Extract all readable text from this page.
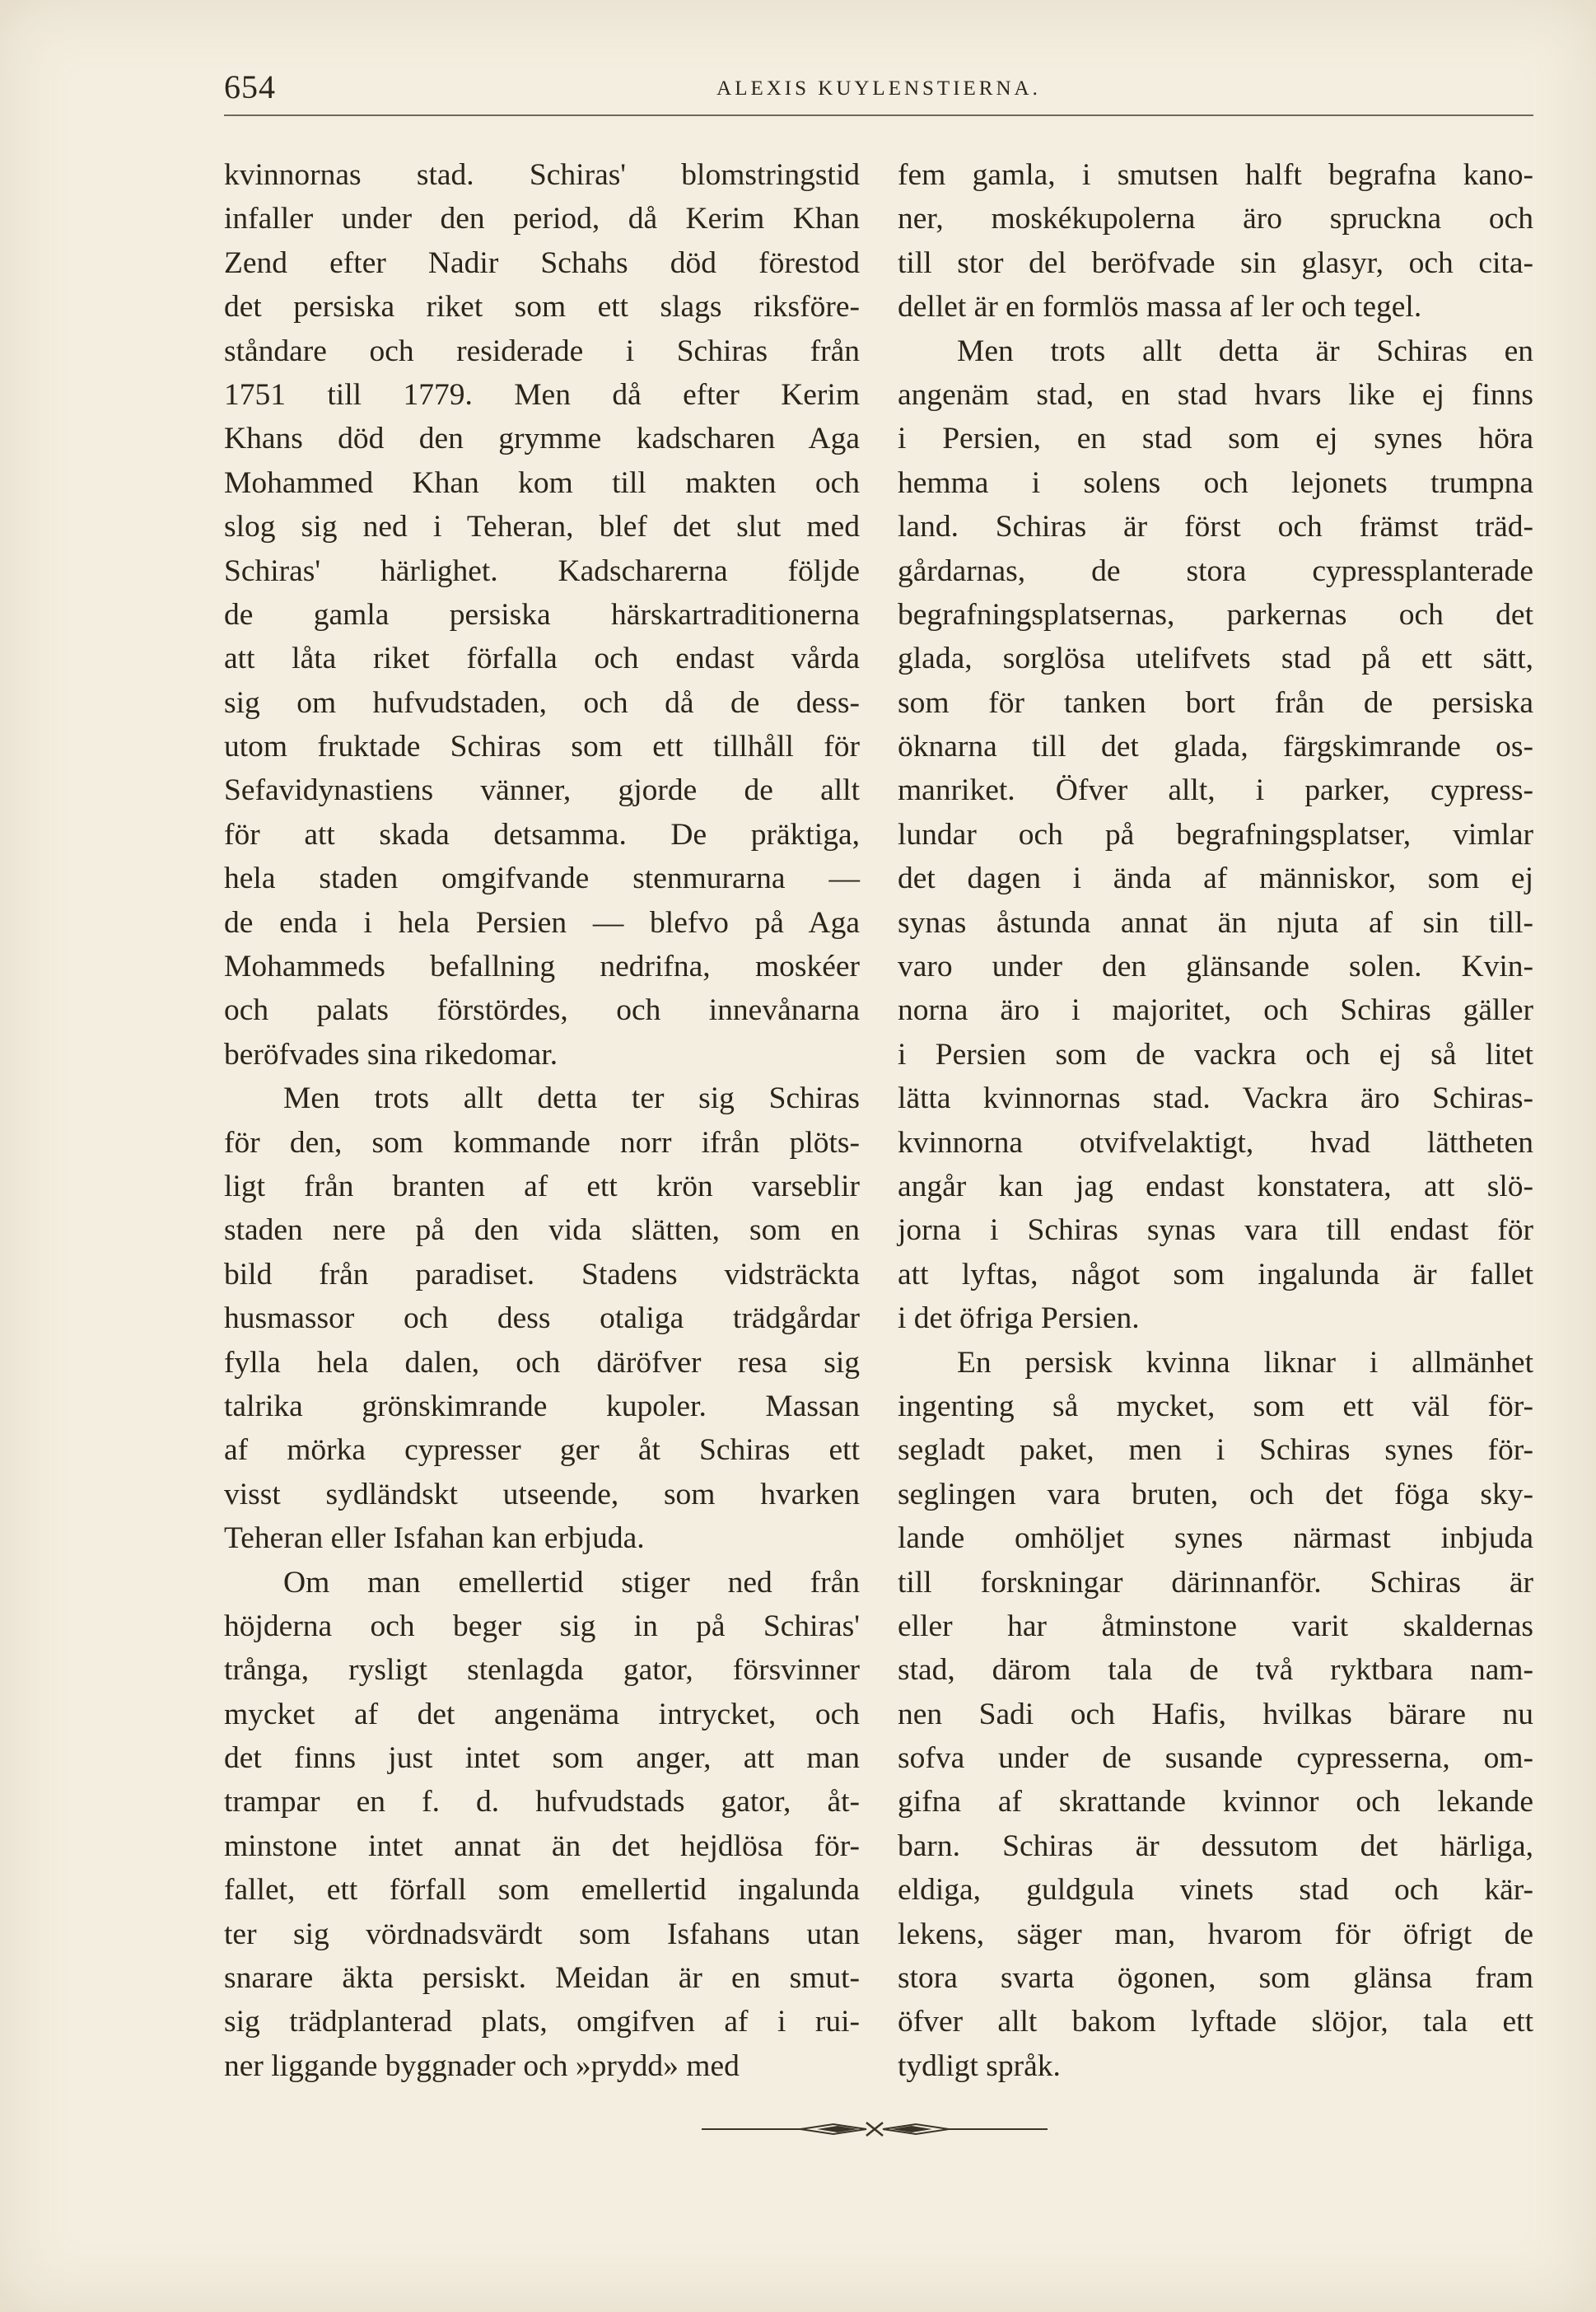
654	ALEXIS KUYLENSTIERNA.
kvinnornas stad. Schiras' blomstringstid
infaller under den period, då Kerim Khan
Zend efter Nadir Schahs död förestod
det persiska riket som ett slags riksföre-
ståndare och residerade i Schiras från
1751 till 1779. Men då efter Kerim
Khans död den grymme kadscharen Aga
Mohammed Khan kom till makten och
slog sig ned i Teheran, blef det slut med
Schiras' härlighet. Kadscharerna följde
de gamla persiska härskartraditionerna
att låta riket förfalla och endast vårda
sig om hufvudstaden, och då de dess-
utom fruktade Schiras som ett tillhåll för
Sefavidynastiens vänner, gjorde de allt
för att skada detsamma. De präktiga,
hela staden omgifvande stenmurarna —
de enda i hela Persien — blefvo på Aga
Mohammeds befallning nedrifna, moskéer
och palats förstördes, och innevånarna
beröfvades sina rikedomar.
Men trots allt detta ter sig Schiras
för den, som kommande norr ifrån plöts-
ligt från branten af ett krön varseblir
staden nere på den vida slätten, som en
bild från paradiset. Stadens vidsträckta
husmassor och dess otaliga trädgårdar
fylla hela dalen, och däröfver resa sig
talrika grönskimrande kupoler. Massan
af mörka cypresser ger åt Schiras ett
visst sydländskt utseende, som hvarken
Teheran eller Isfahan kan erbjuda.
Om man emellertid stiger ned från
höjderna och beger sig in på Schiras'
trånga, rysligt stenlagda gator, försvinner
mycket af det angenäma intrycket, och
det finns just intet som anger, att man
trampar en f. d. hufvudstads gator, åt-
minstone intet annat än det hejdlösa för-
fallet, ett förfall som emellertid ingalunda
ter sig vördnadsvärdt som Isfahans utan
snarare äkta persiskt. Meidan är en smut-
sig trädplanterad plats, omgifven af i rui-
ner liggande byggnader och »prydd» med
fem gamla, i smutsen halft begrafna kano-
ner, moskékupolerna äro spruckna och
till stor del beröfvade sin glasyr, och cita-
dellet är en formlös massa af ler och tegel.
Men trots allt detta är Schiras en
angenäm stad, en stad hvars like ej finns
i Persien, en stad som ej synes höra
hemma i solens och lejonets trumpna
land. Schiras är först och främst träd-
gårdarnas, de stora cypressplanterade
begrafningsplatsernas, parkernas och det
glada, sorglösa utelifvets stad på ett sätt,
som för tanken bort från de persiska
öknarna till det glada, färgskimrande os-
manriket. Öfver allt, i parker, cypress-
lundar och på begrafningsplatser, vimlar
det dagen i ända af människor, som ej
synas åstunda annat än njuta af sin till-
varo under den glänsande solen. Kvin-
norna äro i majoritet, och Schiras gäller
i Persien som de vackra och ej så litet
lätta kvinnornas stad. Vackra äro Schiras-
kvinnorna otvifvelaktigt, hvad lättheten
angår kan jag endast konstatera, att slö-
jorna i Schiras synas vara till endast för
att lyftas, något som ingalunda är fallet
i det öfriga Persien.
En persisk kvinna liknar i allmänhet
ingenting så mycket, som ett väl för-
segladt paket, men i Schiras synes för-
seglingen vara bruten, och det föga sky-
lande omhöljet synes närmast inbjuda
till forskningar därinnanför. Schiras är
eller har åtminstone varit skaldernas
stad, därom tala de två ryktbara nam-
nen Sadi och Hafis, hvilkas bärare nu
sofva under de susande cypresserna, om-
gifna af skrattande kvinnor och lekande
barn. Schiras är dessutom det härliga,
eldiga, guldgula vinets stad och kär-
lekens, säger man, hvarom för öfrigt de
stora svarta ögonen, som glänsa fram
öfver allt bakom lyftade slöjor, tala ett
tydligt språk.
